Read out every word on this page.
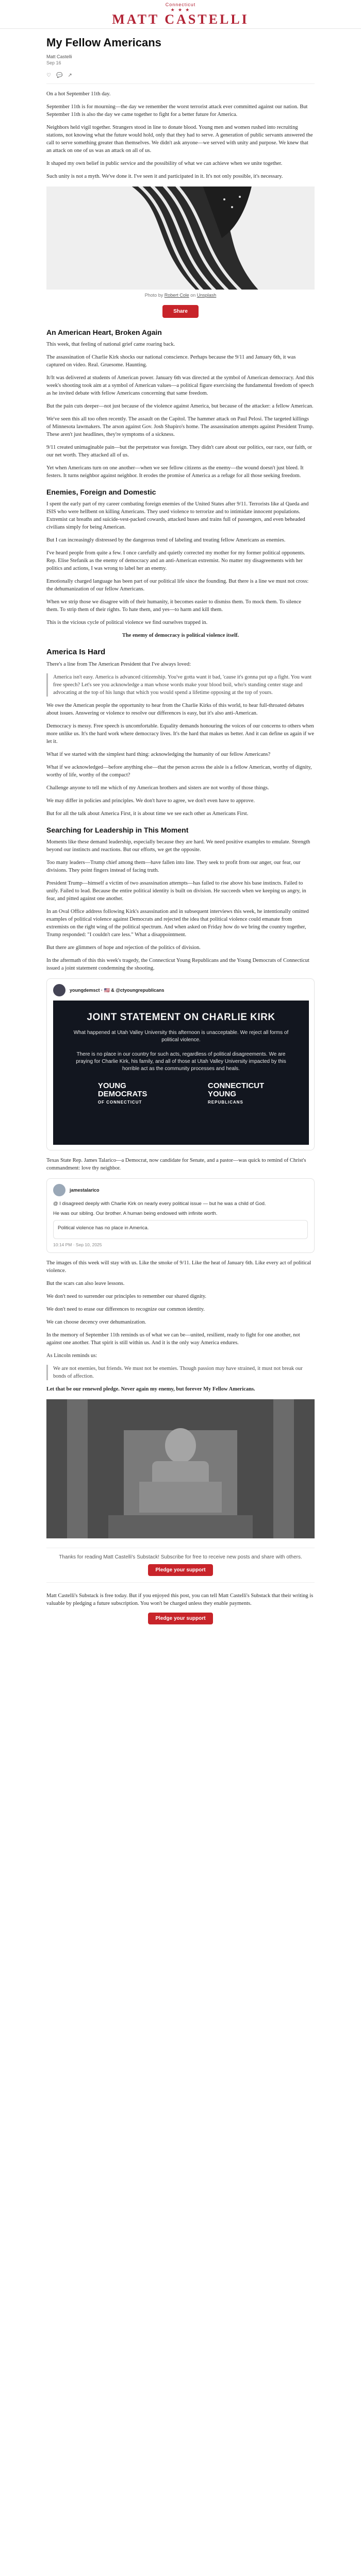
Connecticut
★ ★ ★
MATT CASTELLI
My Fellow Americans
Matt Castelli
Sep 16
♡ 💬 ↗

On a hot September 11th day.

September 11th is for mourning—the day we remember the worst terrorist attack ever committed against our nation. But September 11th is also the day we came together to fight for a better future for America.

Neighbors held vigil together. Strangers stood in line to donate blood. Young men and women rushed into recruiting stations, not knowing what the future would hold, only that they had to serve. A generation of public servants answered the call to serve something greater than themselves. We didn't ask anyone—we served with unity and purpose. We knew that an attack on one of us was an attack on all of us.

It shaped my own belief in public service and the possibility of what we can achieve when we unite together.

Such unity is not a myth. We've done it. I've seen it and participated in it. It's not only possible, it's necessary.

Photo by Robert Cole on Unsplash
Share
An American Heart, Broken Again

This week, that feeling of national grief came roaring back.

The assassination of Charlie Kirk shocks our national conscience. Perhaps because the 9/11 and January 6th, it was captured on video. Real. Gruesome. Haunting.

It/It was delivered at students of American power. January 6th was directed at the symbol of American democracy. And this week's shooting took aim at a symbol of American values—a political figure exercising the fundamental freedom of speech as he invited debate with fellow Americans concerning that same freedom.

But the pain cuts deeper—not just because of the violence against America, but because of the attacker: a fellow American.

We've seen this all too often recently. The assault on the Capitol. The hammer attack on Paul Pelosi. The targeted killings of Minnesota lawmakers. The arson against Gov. Josh Shapiro's home. The assassination attempts against President Trump. These aren't just headlines, they're symptoms of a sickness.

9/11 created unimaginable pain—but the perpetrator was foreign. They didn't care about our politics, our race, our faith, or our net worth. They attacked all of us.

Yet when Americans turn on one another—when we see fellow citizens as the enemy—the wound doesn't just bleed. It festers. It turns neighbor against neighbor. It erodes the promise of America as a refuge for all those seeking freedom.

Enemies, Foreign and Domestic

I spent the early part of my career combating foreign enemies of the United States after 9/11. Terrorists like al Qaeda and ISIS who were hellbent on killing Americans. They used violence to terrorize and to intimidate innocent populations. Extremist cat breaths and suicide-vest-packed cowards, attacked buses and trains full of passengers, and even beheaded civilians simply for being American.

But I can increasingly distressed by the dangerous trend of labeling and treating fellow Americans as enemies.

I've heard people from quite a few. I once carefully and quietly corrected my mother for my former political opponents. Rep. Elise Stefanik as the enemy of democracy and an anti-American extremist. No matter my disagreements with her politics and actions, I was wrong to label her an enemy.

Emotionally charged language has been part of our political life since the founding. But there is a line we must not cross: the dehumanization of our fellow Americans.

When we strip those we disagree with of their humanity, it becomes easier to dismiss them. To mock them. To silence them. To strip them of their rights. To hate them, and yes—to harm and kill them.

This is the vicious cycle of political violence we find ourselves trapped in.

The enemy of democracy is political violence itself.

America Is Hard

There's a line from The American President that I've always loved:

America isn't easy. America is advanced citizenship. You've gotta want it bad, 'cause it's gonna put up a fight. You want free speech? Let's see you acknowledge a man whose words make your blood boil, who's standing center stage and advocating at the top of his lungs that which you would spend a lifetime opposing at the top of yours.

We owe the American people the opportunity to hear from the Charlie Kirks of this world, to hear full-throated debates about issues. Answering or violence to resolve our differences is easy, but it's also anti-American.

Democracy is messy. Free speech is uncomfortable. Equality demands honouring the voices of our concerns to others when more unlike us. It's the hard work where democracy lives. It's the hard that makes us better. And it can define us again if we let it.

What if we started with the simplest hard thing: acknowledging the humanity of our fellow Americans?

What if we acknowledged—before anything else—that the person across the aisle is a fellow American, worthy of dignity, worthy of life, worthy of the compact?

Challenge anyone to tell me which of my American brothers and sisters are not worthy of those things.

We may differ in policies and principles. We don't have to agree, we don't even have to approve.

But for all the talk about America First, it is about time we see each other as Americans First.

Searching for Leadership in This Moment

Moments like these demand leadership, especially because they are hard. We need positive examples to emulate. Strength beyond our instincts and reactions. But our efforts, we get the opposite.

Too many leaders—Trump chief among them—have fallen into line. They seek to profit from our anger, our fear, our divisions. They point fingers instead of facing truth.

President Trump—himself a victim of two assassination attempts—has failed to rise above his base instincts. Failed to unify. Failed to lead. Because the entire political identity is built on division. He succeeds when we keeping us angry, in fear, and pitted against one another.

In an Oval Office address following Kirk's assassination and in subsequent interviews this week, he intentionally omitted examples of political violence against Democrats and rejected the idea that political violence could emanate from extremists on the right wing of the political spectrum. And when asked on Friday how do we bring the country together, Trump responded: "I couldn't care less." What a disappointment.

But there are glimmers of hope and rejection of the politics of division.

In the aftermath of this this week's tragedy, the Connecticut Young Republicans and the Young Democrats of Connecticut issued a joint statement condemning the shooting.

youngdemsct · 🇺🇸 & @ctyoungrepublicans
JOINT STATEMENT ON CHARLIE KIRK
What happened at Utah Valley University this afternoon is unacceptable. We reject all forms of political violence.

There is no place in our country for such acts, regardless of political disagreements. We are praying for Charlie Kirk, his family, and all of those at Utah Valley University impacted by this horrible act as the community processes and heals.
YOUNG
DEMOCRATS
OF CONNECTICUT
CONNECTICUT
YOUNG
REPUBLICANS

Texas State Rep. James Talarico—a Democrat, now candidate for Senate, and a pastor—was quick to remind of Christ's commandment: love thy neighbor.

jamestalarico
@ I disagreed deeply with Charlie Kirk on nearly every political issue — but he was a child of God.
He was our sibling. Our brother. A human being endowed with infinite worth.
Political violence has no place in America.
10:14 PM · Sep 10, 2025

The images of this week will stay with us. Like the smoke of 9/11. Like the heat of January 6th. Like every act of political violence.

But the scars can also leave lessons.

We don't need to surrender our principles to remember our shared dignity.

We don't need to erase our differences to recognize our common identity.

We can choose decency over dehumanization.

In the memory of September 11th reminds us of what we can be—united, resilient, ready to fight for one another, not against one another. That spirit is still within us. And it is the only way America endures.

As Lincoln reminds us:

We are not enemies, but friends. We must not be enemies. Though passion may have strained, it must not break our bonds of affection.

Let that be our renewed pledge. Never again my enemy, but forever My Fellow Americans.

Thanks for reading Matt Castelli's Substack! Subscribe for free to receive new posts and share with others.
Pledge your support

Matt Castelli's Substack is free today. But if you enjoyed this post, you can tell Matt Castelli's Substack that their writing is valuable by pledging a future subscription. You won't be charged unless they enable payments.

Pledge your support
